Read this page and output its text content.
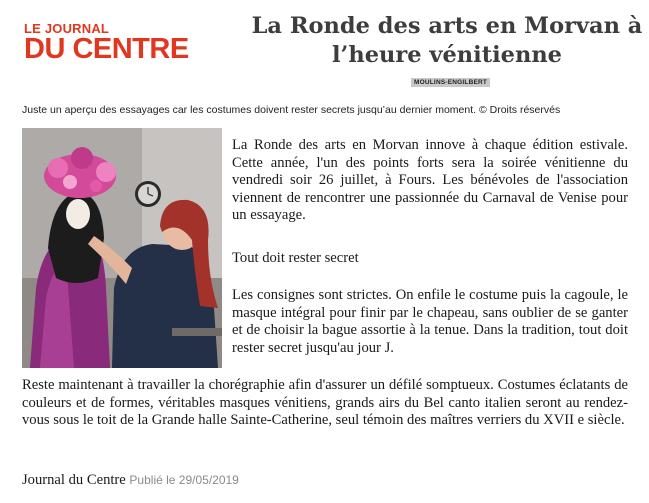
LE JOURNAL
DU CENTRE
La Ronde des arts en Morvan à l’heure vénitienne
MOULINS-ENGILBERT
Juste un aperçu des essayages car les costumes doivent rester secrets jusqu’au dernier moment. © Droits réservés
La Ronde des arts en Morvan innove à chaque édition estivale. Cette année, l'un des points forts sera la soirée vénitienne du vendredi soir 26 juillet, à Fours. Les bénévoles de l'association viennent de rencontrer une passionnée du Carnaval de Venise pour un essayage.
Tout doit rester secret
Les consignes sont strictes. On enfile le costume puis la cagoule, le masque intégral pour finir par le chapeau, sans oublier de se ganter et de choisir la bague assortie à la tenue. Dans la tradition, tout doit rester secret jusqu'au jour J.
Reste maintenant à travailler la chorégraphie afin d'assurer un défilé somptueux. Costumes éclatants de couleurs et de formes, véritables masques vénitiens, grands airs du Bel canto italien seront au rendez-vous sous le toit de la Grande halle Sainte-Catherine, seul témoin des maîtres verriers du XVII e siècle.
Journal du Centre Publié le 29/05/2019
